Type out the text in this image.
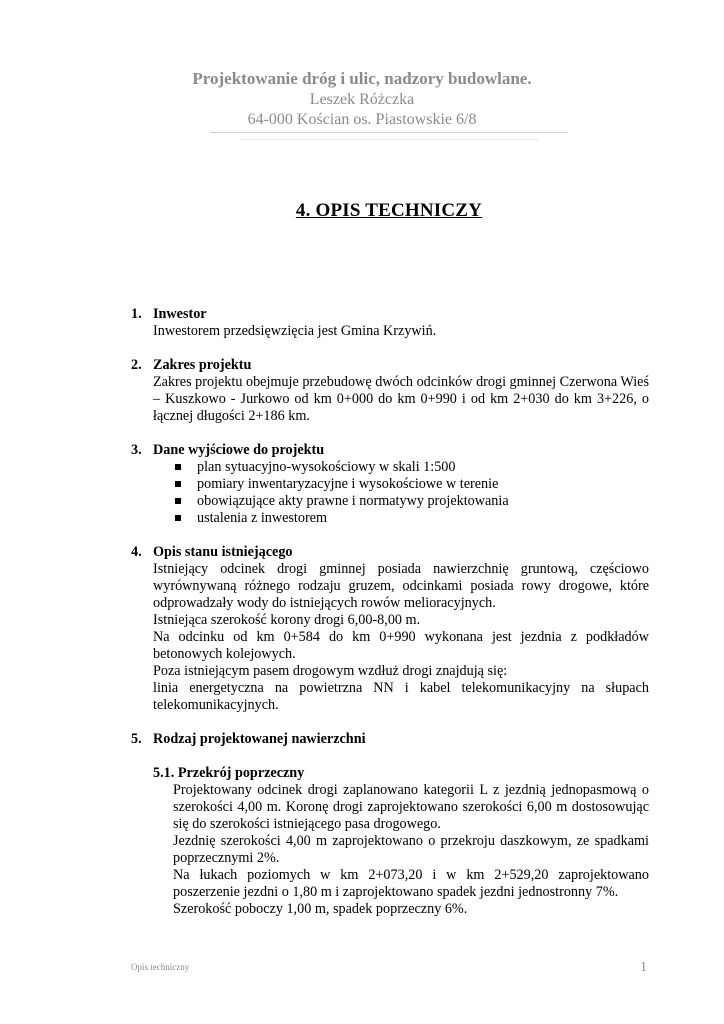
Projektowanie dróg i ulic, nadzory budowlane.
Leszek Różczka
64-000 Kościan os. Piastowskie 6/8
4. OPIS TECHNICZY
1. Inwestor
Inwestorem przedsięwzięcia jest Gmina Krzywiń.
2. Zakres projektu
Zakres projektu obejmuje przebudowę dwóch odcinków drogi gminnej Czerwona Wieś – Kuszkowo - Jurkowo od km 0+000 do km 0+990 i od km 2+030 do km 3+226, o łącznej długości 2+186 km.
3. Dane wyjściowe do projektu
plan sytuacyjno-wysokościowy w skali 1:500
pomiary inwentaryzacyjne i wysokościowe w terenie
obowiązujące akty prawne i normatywy projektowania
ustalenia z inwestorem
4. Opis stanu istniejącego
Istniejący odcinek drogi gminnej posiada nawierzchnię gruntową, częściowo wyrównywaną różnego rodzaju gruzem, odcinkami posiada rowy drogowe, które odprowadzały wody do istniejących rowów melioracyjnych.
Istniejąca szerokość korony drogi 6,00-8,00 m.
Na odcinku od km 0+584 do km 0+990 wykonana jest jezdnia z podkładów betonowych kolejowych.
Poza istniejącym pasem drogowym wzdłuż drogi znajdują się:
linia energetyczna na powietrzna NN i kabel telekomunikacyjny na słupach telekomunikacyjnych.
5. Rodzaj projektowanej nawierzchni
5.1. Przekrój poprzeczny
Projektowany odcinek drogi zaplanowano kategorii L z jezdnią jednopasmową o szerokości 4,00 m. Koronę drogi zaprojektowano szerokości 6,00 m dostosowując się do szerokości istniejącego pasa drogowego.
Jezdnię szerokości 4,00 m zaprojektowano o przekroju daszkowym, ze spadkami poprzecznymi 2%.
Na łukach poziomych w km 2+073,20 i w km 2+529,20 zaprojektowano poszerzenie jezdni o 1,80 m i zaprojektowano spadek jezdni jednostronny 7%.
Szerokość poboczy 1,00 m, spadek poprzeczny 6%.
Opis techniczny	1
